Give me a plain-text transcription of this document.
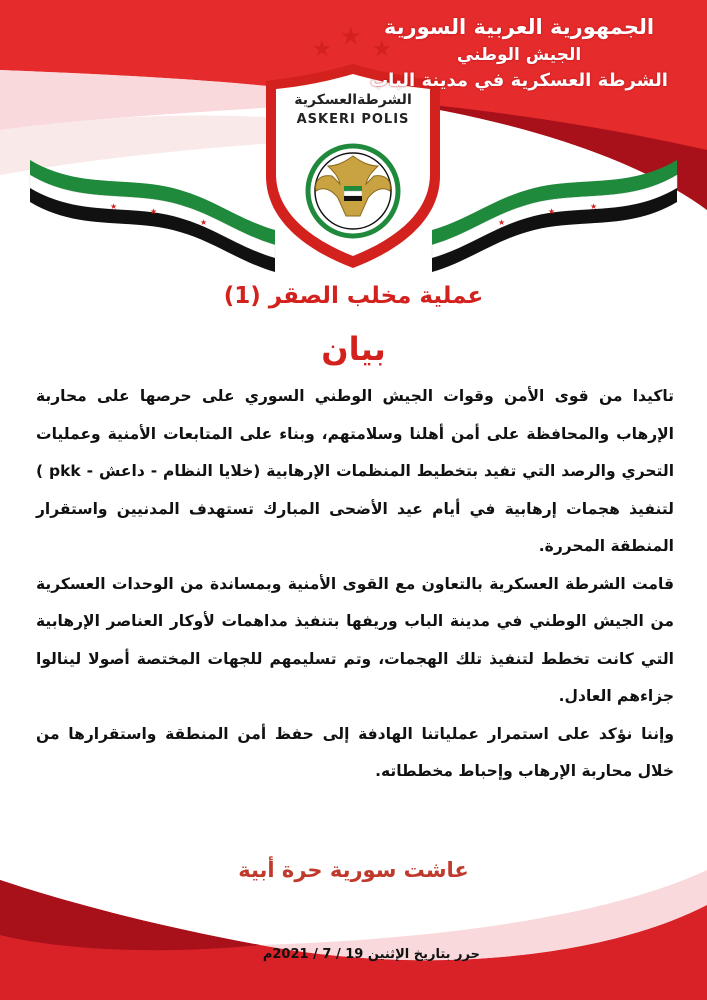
★
★
★
★
★
★
★ ★ ★
الشرطةالعسكرية
ASKERI POLIS
الجمهورية العربية السورية
الجيش الوطني
الشرطة العسكرية في مدينة الباب
عملية مخلب الصقر (1)
بيان

تاكيدا من قوى الأمن وقوات الجيش الوطني السوري على حرصها على محاربة الإرهاب والمحافظة على أمن أهلنا وسلامتهم، وبناء على المتابعات الأمنية وعمليات التحري والرصد التي تفيد بتخطيط المنظمات الإرهابية (خلايا النظام - داعش - pkk ) لتنفيذ هجمات إرهابية في أيام عيد الأضحى المبارك تستهدف المدنيين واستقرار المنطقة المحررة.

قامت الشرطة العسكرية بالتعاون مع القوى الأمنية وبمساندة من الوحدات العسكرية من الجيش الوطني في مدينة الباب وريفها بتنفيذ مداهمات لأوكار العناصر الإرهابية التي كانت تخطط لتنفيذ تلك الهجمات، وتم تسليمهم للجهات المختصة أصولا لينالوا جزاءهم العادل.

وإننا نؤكد على استمرار عملياتنا الهادفة إلى حفظ أمن المنطقة واستقرارها من خلال محاربة الإرهاب وإحباط مخططاته.

عاشت سورية حرة أبية
حرر بتاريخ الإثنين 19 / 7 / 2021م
